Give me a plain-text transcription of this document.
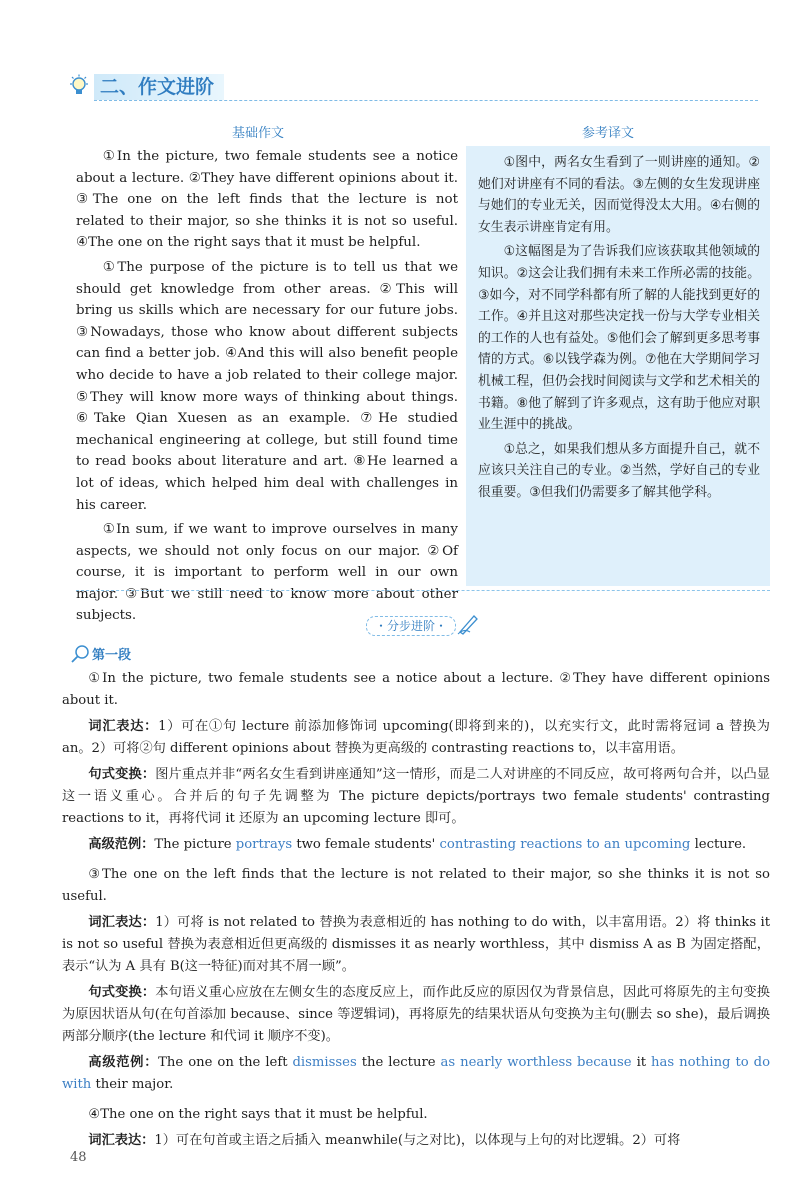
二、作文进阶
基础作文	参考译文

①In the picture, two female students see a notice about a lecture. ②They have different opinions about it. ③The one on the left finds that the lecture is not related to their major, so she thinks it is not so useful. ④The one on the right says that it must be helpful.

①The purpose of the picture is to tell us that we should get knowledge from other areas. ②This will bring us skills which are necessary for our future jobs. ③Nowadays, those who know about different subjects can find a better job. ④And this will also benefit people who decide to have a job related to their college major. ⑤They will know more ways of thinking about things. ⑥Take Qian Xuesen as an example. ⑦He studied mechanical engineering at college, but still found time to read books about literature and art. ⑧He learned a lot of ideas, which helped him deal with challenges in his career.

①In sum, if we want to improve ourselves in many aspects, we should not only focus on our major. ②Of course, it is important to perform well in our own major. ③But we still need to know more about other subjects.

①图中，两名女生看到了一则讲座的通知。②她们对讲座有不同的看法。③左侧的女生发现讲座与她们的专业无关，因而觉得没太大用。④右侧的女生表示讲座肯定有用。

①这幅图是为了告诉我们应该获取其他领域的知识。②这会让我们拥有未来工作所必需的技能。③如今，对不同学科都有所了解的人能找到更好的工作。④并且这对那些决定找一份与大学专业相关的工作的人也有益处。⑤他们会了解到更多思考事情的方式。⑥以钱学森为例。⑦他在大学期间学习机械工程，但仍会找时间阅读与文学和艺术相关的书籍。⑧他了解到了许多观点，这有助于他应对职业生涯中的挑战。

①总之，如果我们想从多方面提升自己，就不应该只关注自己的专业。②当然，学好自己的专业很重要。③但我们仍需要多了解其他学科。

・分步进阶・
第一段

①In the picture, two female students see a notice about a lecture. ②They have different opinions about it.

词汇表达：1）可在①句 lecture 前添加修饰词 upcoming(即将到来的)，以充实行文，此时需将冠词 a 替换为 an。2）可将②句 different opinions about 替换为更高级的 contrasting reactions to，以丰富用语。

句式变换：图片重点并非“两名女生看到讲座通知”这一情形，而是二人对讲座的不同反应，故可将两句合并，以凸显这一语义重心。合并后的句子先调整为 The picture depicts/portrays two female students' contrasting reactions to it，再将代词 it 还原为 an upcoming lecture 即可。

高级范例：The picture portrays two female students' contrasting reactions to an upcoming lecture.

③The one on the left finds that the lecture is not related to their major, so she thinks it is not so useful.

词汇表达：1）可将 is not related to 替换为表意相近的 has nothing to do with，以丰富用语。2）将 thinks it is not so useful 替换为表意相近但更高级的 dismisses it as nearly worthless，其中 dismiss A as B 为固定搭配，表示“认为 A 具有 B(这一特征)而对其不屑一顾”。

句式变换：本句语义重心应放在左侧女生的态度反应上，而作此反应的原因仅为背景信息，因此可将原先的主句变换为原因状语从句(在句首添加 because、since 等逻辑词)，再将原先的结果状语从句变换为主句(删去 so she)，最后调换两部分顺序(the lecture 和代词 it 顺序不变)。

高级范例：The one on the left dismisses the lecture as nearly worthless because it has nothing to do with their major.

④The one on the right says that it must be helpful.

词汇表达：1）可在句首或主语之后插入 meanwhile(与之对比)，以体现与上句的对比逻辑。2）可将

48
